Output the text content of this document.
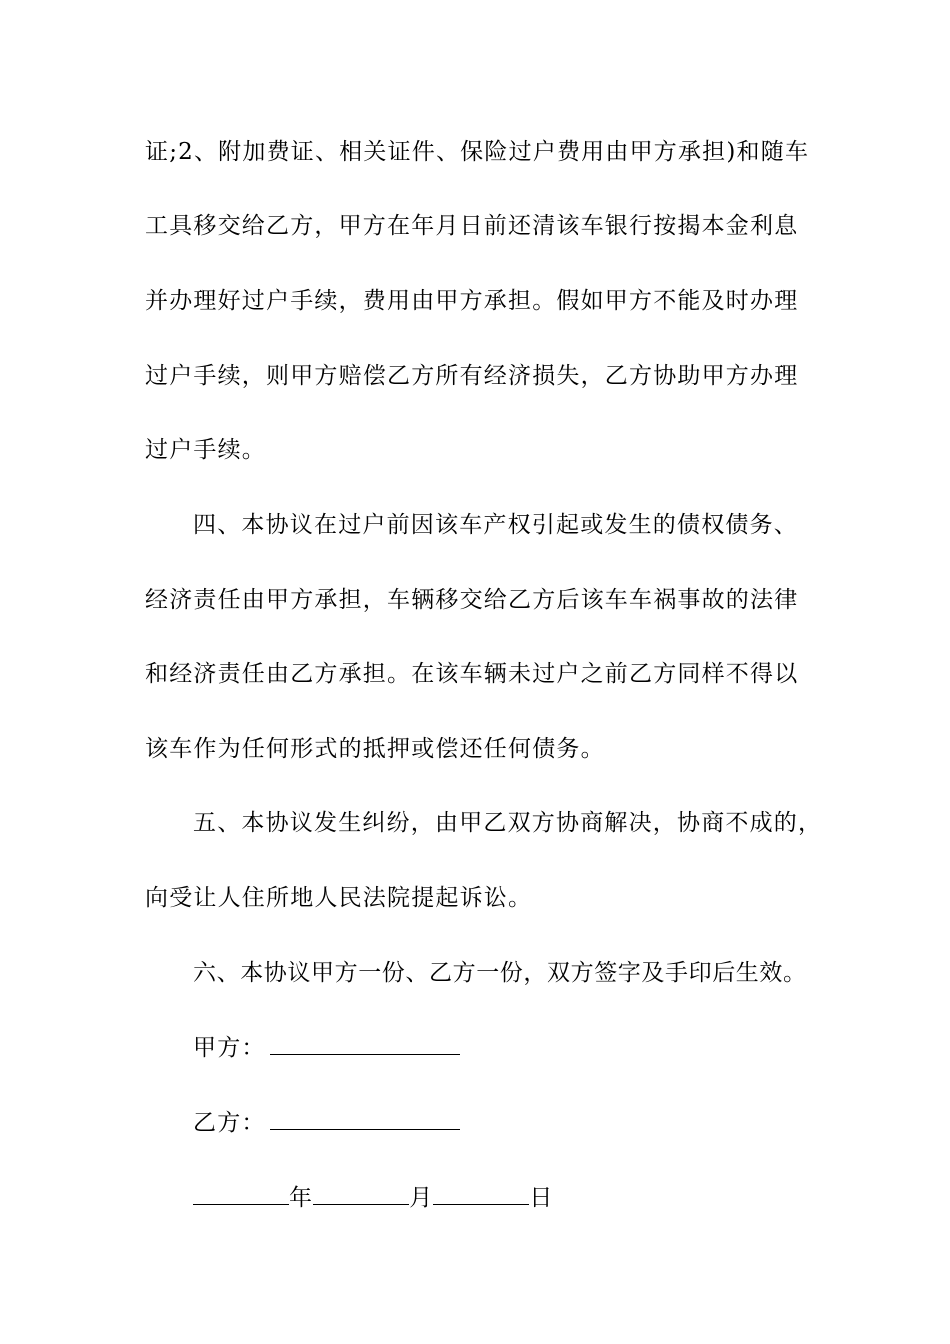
证;2、附加费证、相关证件、保险过户费用由甲方承担)和随车
工具移交给乙方，甲方在年月日前还清该车银行按揭本金利息
并办理好过户手续，费用由甲方承担。假如甲方不能及时办理
过户手续，则甲方赔偿乙方所有经济损失，乙方协助甲方办理
过户手续。
四、本协议在过户前因该车产权引起或发生的债权债务、
经济责任由甲方承担，车辆移交给乙方后该车车祸事故的法律
和经济责任由乙方承担。在该车辆未过户之前乙方同样不得以
该车作为任何形式的抵押或偿还任何债务。
五、本协议发生纠纷，由甲乙双方协商解决，协商不成的，
向受让人住所地人民法院提起诉讼。
六、本协议甲方一份、乙方一份，双方签字及手印后生效。
甲方：
乙方：
年	月	日
